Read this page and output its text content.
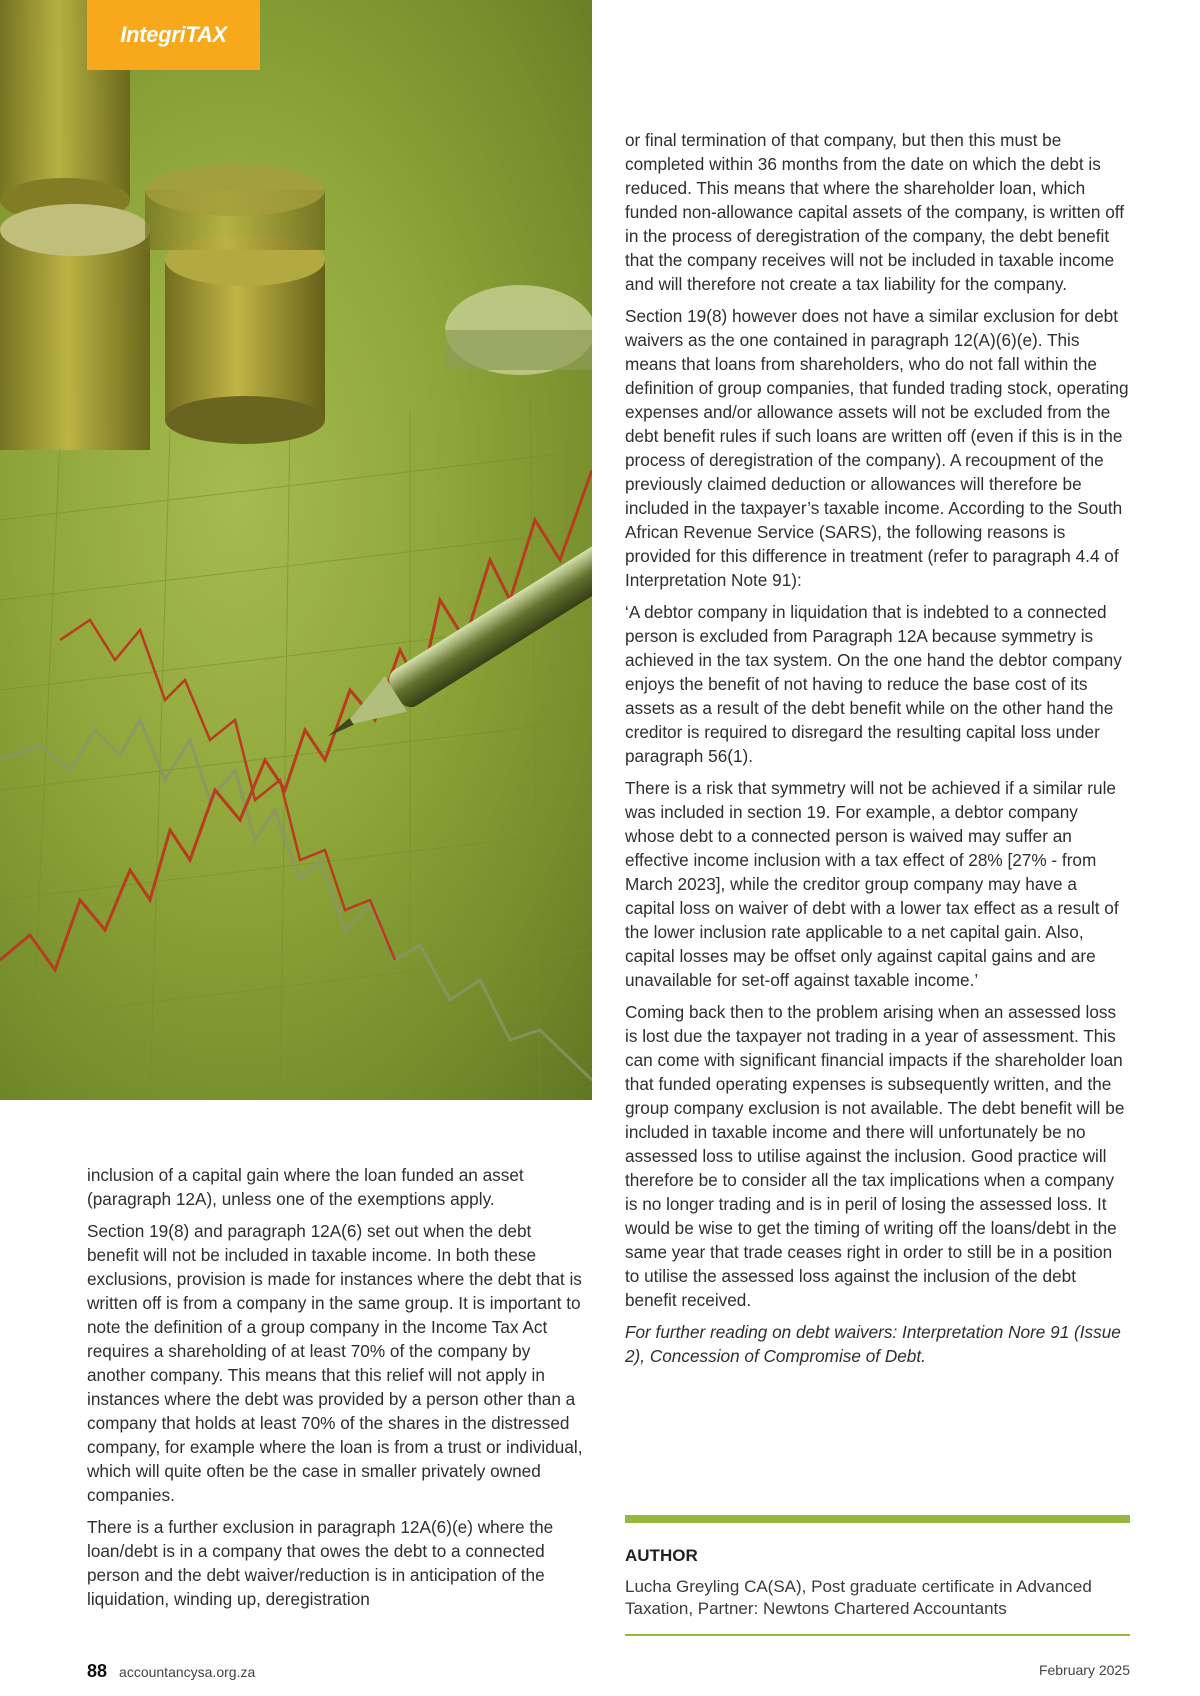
IntegriTAX

inclusion of a capital gain where the loan funded an asset (paragraph 12A), unless one of the exemptions apply.

Section 19(8) and paragraph 12A(6) set out when the debt benefit will not be included in taxable income. In both these exclusions, provision is made for instances where the debt that is written off is from a company in the same group. It is important to note the definition of a group company in the Income Tax Act requires a shareholding of at least 70% of the company by another company. This means that this relief will not apply in instances where the debt was provided by a person other than a company that holds at least 70% of the shares in the distressed company, for example where the loan is from a trust or individual, which will quite often be the case in smaller privately owned companies.

There is a further exclusion in paragraph 12A(6)(e) where the loan/debt is in a company that owes the debt to a connected person and the debt waiver/reduction is in anticipation of the liquidation, winding up, deregistration

or final termination of that company, but then this must be completed within 36 months from the date on which the debt is reduced. This means that where the shareholder loan, which funded non-allowance capital assets of the company, is written off in the process of deregistration of the company, the debt benefit that the company receives will not be included in taxable income and will therefore not create a tax liability for the company.

Section 19(8) however does not have a similar exclusion for debt waivers as the one contained in paragraph 12(A)(6)(e). This means that loans from shareholders, who do not fall within the definition of group companies, that funded trading stock, operating expenses and/or allowance assets will not be excluded from the debt benefit rules if such loans are written off (even if this is in the process of deregistration of the company). A recoupment of the previously claimed deduction or allowances will therefore be included in the taxpayer’s taxable income. According to the South African Revenue Service (SARS), the following reasons is provided for this difference in treatment (refer to paragraph 4.4 of Interpretation Note 91):

‘A debtor company in liquidation that is indebted to a connected person is excluded from Paragraph 12A because symmetry is achieved in the tax system. On the one hand the debtor company enjoys the benefit of not having to reduce the base cost of its assets as a result of the debt benefit while on the other hand the creditor is required to disregard the resulting capital loss under paragraph 56(1).

There is a risk that symmetry will not be achieved if a similar rule was included in section 19. For example, a debtor company whose debt to a connected person is waived may suffer an effective income inclusion with a tax effect of 28% [27% - from March 2023], while the creditor group company may have a capital loss on waiver of debt with a lower tax effect as a result of the lower inclusion rate applicable to a net capital gain. Also, capital losses may be offset only against capital gains and are unavailable for set-off against taxable income.’

Coming back then to the problem arising when an assessed loss is lost due the taxpayer not trading in a year of assessment. This can come with significant financial impacts if the shareholder loan that funded operating expenses is subsequently written, and the group company exclusion is not available. The debt benefit will be included in taxable income and there will unfortunately be no assessed loss to utilise against the inclusion. Good practice will therefore be to consider all the tax implications when a company is no longer trading and is in peril of losing the assessed loss. It would be wise to get the timing of writing off the loans/debt in the same year that trade ceases right in order to still be in a position to utilise the assessed loss against the inclusion of the debt benefit received.

For further reading on debt waivers: Interpretation Nore 91 (Issue 2), Concession of Compromise of Debt.

AUTHOR
Lucha Greyling CA(SA), Post graduate certificate in Advanced Taxation, Partner: Newtons Chartered Accountants
88 accountancysa.org.za	February 2025
